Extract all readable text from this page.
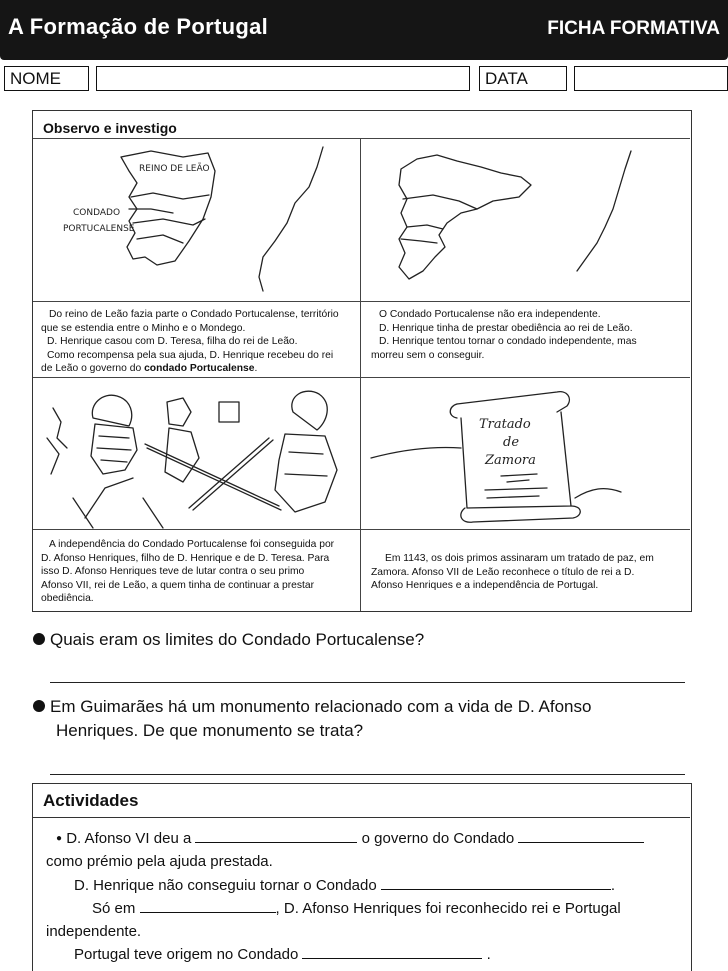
A Formação de Portugal	FICHA FORMATIVA
NOME	DATA
Observo e investigo
REINO DE LEÃO
CONDADO
PORTUCALENSE
Do reino de Leão fazia parte o Condado Portucalense, território
que se estendia entre o Minho e o Mondego.
D. Henrique casou com D. Teresa, filha do rei de Leão.
Como recompensa pela sua ajuda, D. Henrique recebeu do rei
de Leão o governo do condado Portucalense.
O Condado Portucalense não era independente.
D. Henrique tinha de prestar obediência ao rei de Leão.
D. Henrique tentou tornar o condado independente, mas
morreu sem o conseguir.
Tratado
de
Zamora
A independência do Condado Portucalense foi conseguida por
D. Afonso Henriques, filho de D. Henrique e de D. Teresa. Para
isso D. Afonso Henriques teve de lutar contra o seu primo
Afonso VII, rei de Leão, a quem tinha de continuar a prestar
obediência.
Em 1143, os dois primos assinaram um tratado de paz, em
Zamora. Afonso VII de Leão reconhece o título de rei a D.
Afonso Henriques e a independência de Portugal.
Quais eram os limites do Condado Portucalense?
Em Guimarães há um monumento relacionado com a vida de D. Afonso
Henriques. De que monumento se trata?
Actividades
● D. Afonso VI deu a	o governo do Condado
como prémio pela ajuda prestada.
D. Henrique não conseguiu tornar o Condado	.
Só em	, D. Afonso Henriques foi reconhecido rei e Portugal
independente.
Portugal teve origem no Condado	.
